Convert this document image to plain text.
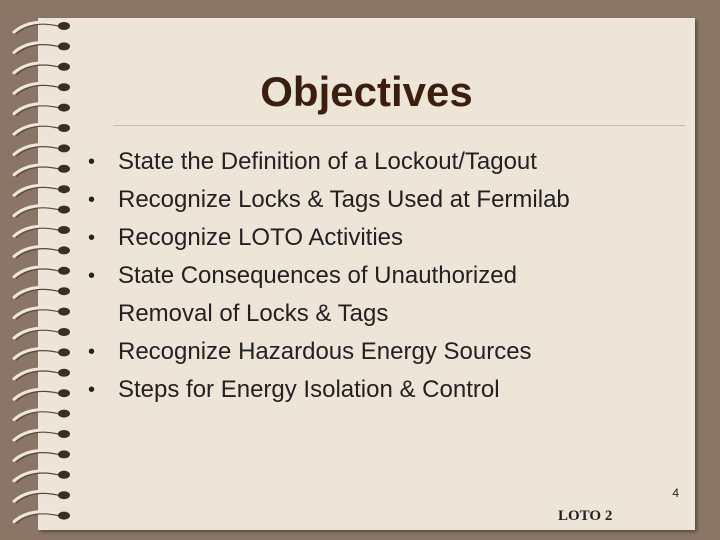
Objectives
• State the Definition of a Lockout/Tagout
• Recognize Locks & Tags Used at Fermilab
• Recognize LOTO Activities
• State Consequences of Unauthorized Removal of Locks & Tags
• Recognize Hazardous Energy Sources
• Steps for Energy Isolation & Control
4
LOTO 2
